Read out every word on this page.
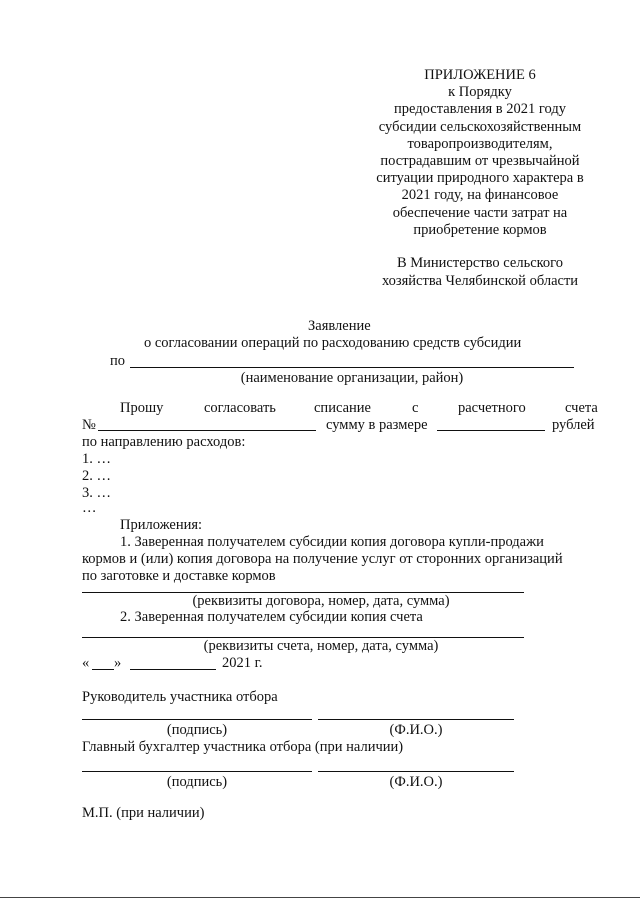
ПРИЛОЖЕНИЕ 6
к Порядку
предоставления в 2021 году
субсидии сельскохозяйственным
товаропроизводителям,
пострадавшим от чрезвычайной
ситуации природного характера в
2021 году, на финансовое
обеспечение части затрат на
приобретение кормов
В Министерство сельского
хозяйства Челябинской области
Заявление
о согласовании операций по расходованию средств субсидии
по
(наименование организации, район)
Прошу	согласовать	списание	с	расчетного	счета
№	сумму в размере	рублей
по направлению расходов:
1. …
2. …
3. …
…
Приложения:
1. Заверенная получателем субсидии копия договора купли-продажи
кормов и (или) копия договора на получение услуг от сторонних организаций
по заготовке и доставке кормов
(реквизиты договора, номер, дата, сумма)
2. Заверенная получателем субсидии копия счета
(реквизиты счета, номер, дата, сумма)
« »	2021 г.
Руководитель участника отбора
(подпись)	(Ф.И.О.)
Главный бухгалтер участника отбора (при наличии)
(подпись)	(Ф.И.О.)
М.П. (при наличии)
